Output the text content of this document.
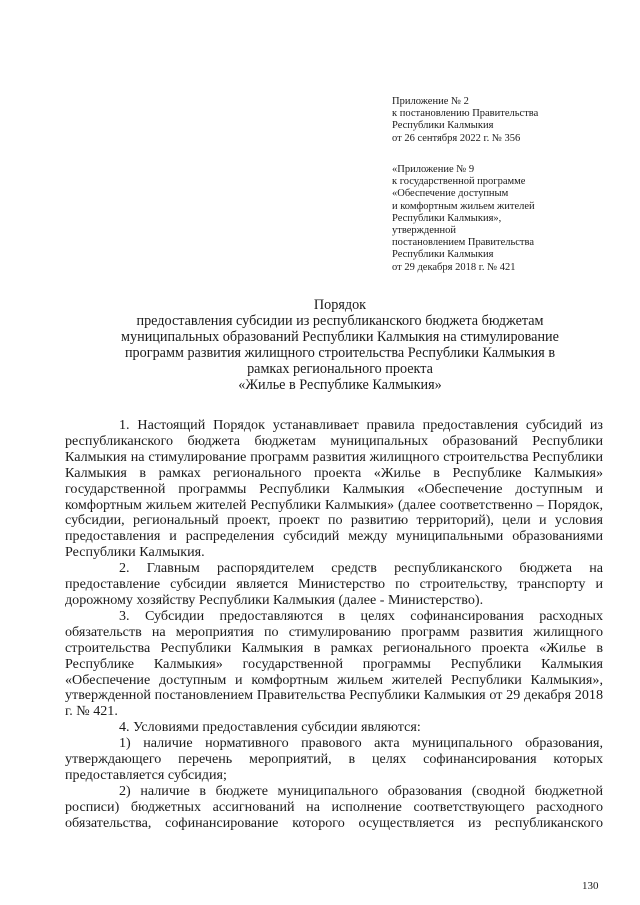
Приложение № 2
к постановлению Правительства
Республики Калмыкия
от 26 сентября 2022 г. № 356
«Приложение № 9
к государственной программе
«Обеспечение доступным
и комфортным жильем жителей
Республики Калмыкия»,
утвержденной
постановлением Правительства
Республики Калмыкия
от 29 декабря 2018 г. № 421
Порядок
предоставления субсидии из республиканского бюджета бюджетам
муниципальных образований Республики Калмыкия на стимулирование
программ развития жилищного строительства Республики Калмыкия в
рамках регионального проекта
«Жилье в Республике Калмыкия»

1. Настоящий Порядок устанавливает правила предоставления субсидий из республиканского бюджета бюджетам муниципальных образований Республики Калмыкия на стимулирование программ развития жилищного строительства Республики Калмыкия в рамках регионального проекта «Жилье в Республике Калмыкия» государственной программы Республики Калмыкия «Обеспечение доступным и комфортным жильем жителей Республики Калмыкия» (далее соответственно – Порядок, субсидии, региональный проект, проект по развитию территорий), цели и условия предоставления и распределения субсидий между муниципальными образованиями Республики Калмыкия.

2. Главным распорядителем средств республиканского бюджета на предоставление субсидии является Министерство по строительству, транспорту и дорожному хозяйству Республики Калмыкия (далее - Министерство).

3. Субсидии предоставляются в целях софинансирования расходных обязательств на мероприятия по стимулированию программ развития жилищного строительства Республики Калмыкия в рамках регионального проекта «Жилье в Республике Калмыкия» государственной программы Республики Калмыкия «Обеспечение доступным и комфортным жильем жителей Республики Калмыкия», утвержденной постановлением Правительства Республики Калмыкия от 29 декабря 2018 г. № 421.

4. Условиями предоставления субсидии являются:

1) наличие нормативного правового акта муниципального образования, утверждающего перечень мероприятий, в целях софинансирования которых предоставляется субсидия;

2) наличие в бюджете муниципального образования (сводной бюджетной росписи) бюджетных ассигнований на исполнение соответствующего расходного обязательства, софинансирование которого осуществляется из республиканского

130
